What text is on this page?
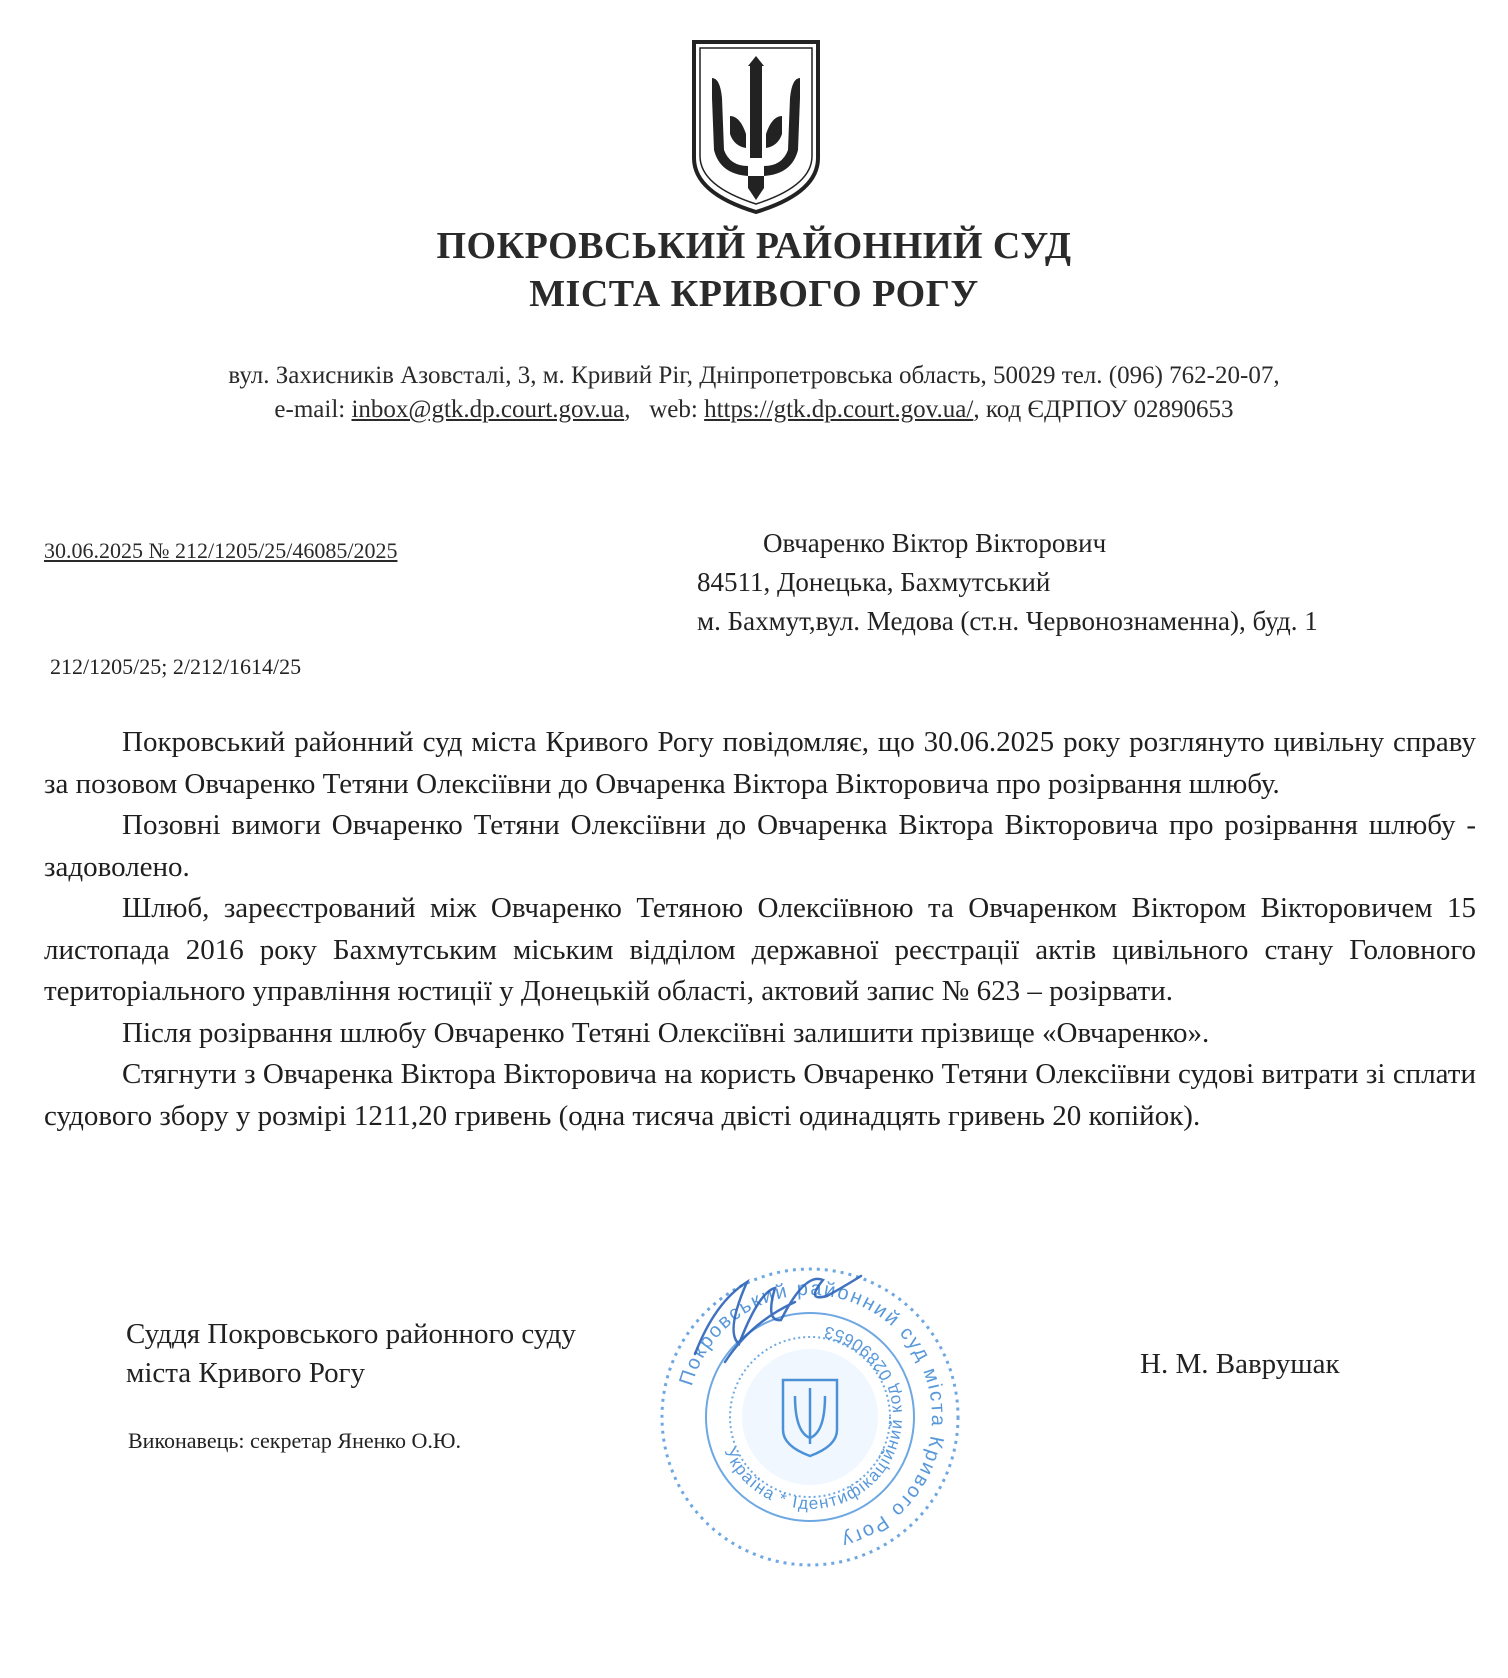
ПОКРОВСЬКИЙ РАЙОННИЙ СУД
МІСТА КРИВОГО РОГУ
вул. Захисників Азовсталі, 3, м. Кривий Ріг, Дніпропетровська область, 50029 тел. (096) 762-20-07,
e-mail: inbox@gtk.dp.court.gov.ua,   web: https://gtk.dp.court.gov.ua/, код ЄДРПОУ 02890653
30.06.2025 № 212/1205/25/46085/2025
212/1205/25; 2/212/1614/25
Овчаренко Віктор Вікторович
84511, Донецька, Бахмутський
м. Бахмут,вул. Медова (ст.н. Червонознаменна), буд. 1

Покровський районний суд міста Кривого Рогу повідомляє, що 30.06.2025 року розглянуто цивільну справу за позовом Овчаренко Тетяни Олексіївни до Овчаренка Віктора Вікторовича про розірвання шлюбу.

Позовні вимоги Овчаренко Тетяни Олексіївни до Овчаренка Віктора Вікторовича про розірвання шлюбу - задоволено.

Шлюб, зареєстрований між Овчаренко Тетяною Олексіївною та Овчаренком Віктором Вікторовичем 15 листопада 2016 року Бахмутським міським відділом державної реєстрації актів цивільного стану Головного територіального управління юстиції у Донецькій області, актовий запис № 623 – розірвати.

Після розірвання шлюбу Овчаренко Тетяні Олексіївні залишити прізвище «Овчаренко».

Стягнути з Овчаренка Віктора Вікторовича на користь Овчаренко Тетяни Олексіївни судові витрати зі сплати судового збору у розмірі 1211,20 гривень (одна тисяча двісті одинадцять гривень 20 копійок).

Суддя Покровського районного суду
міста Кривого Рогу	Н. М. Ваврушак
Виконавець: секретар Яненко О.Ю.
Покровський районний суд міста Кривого Рогу
Україна * Ідентифікаційний код 02890653
